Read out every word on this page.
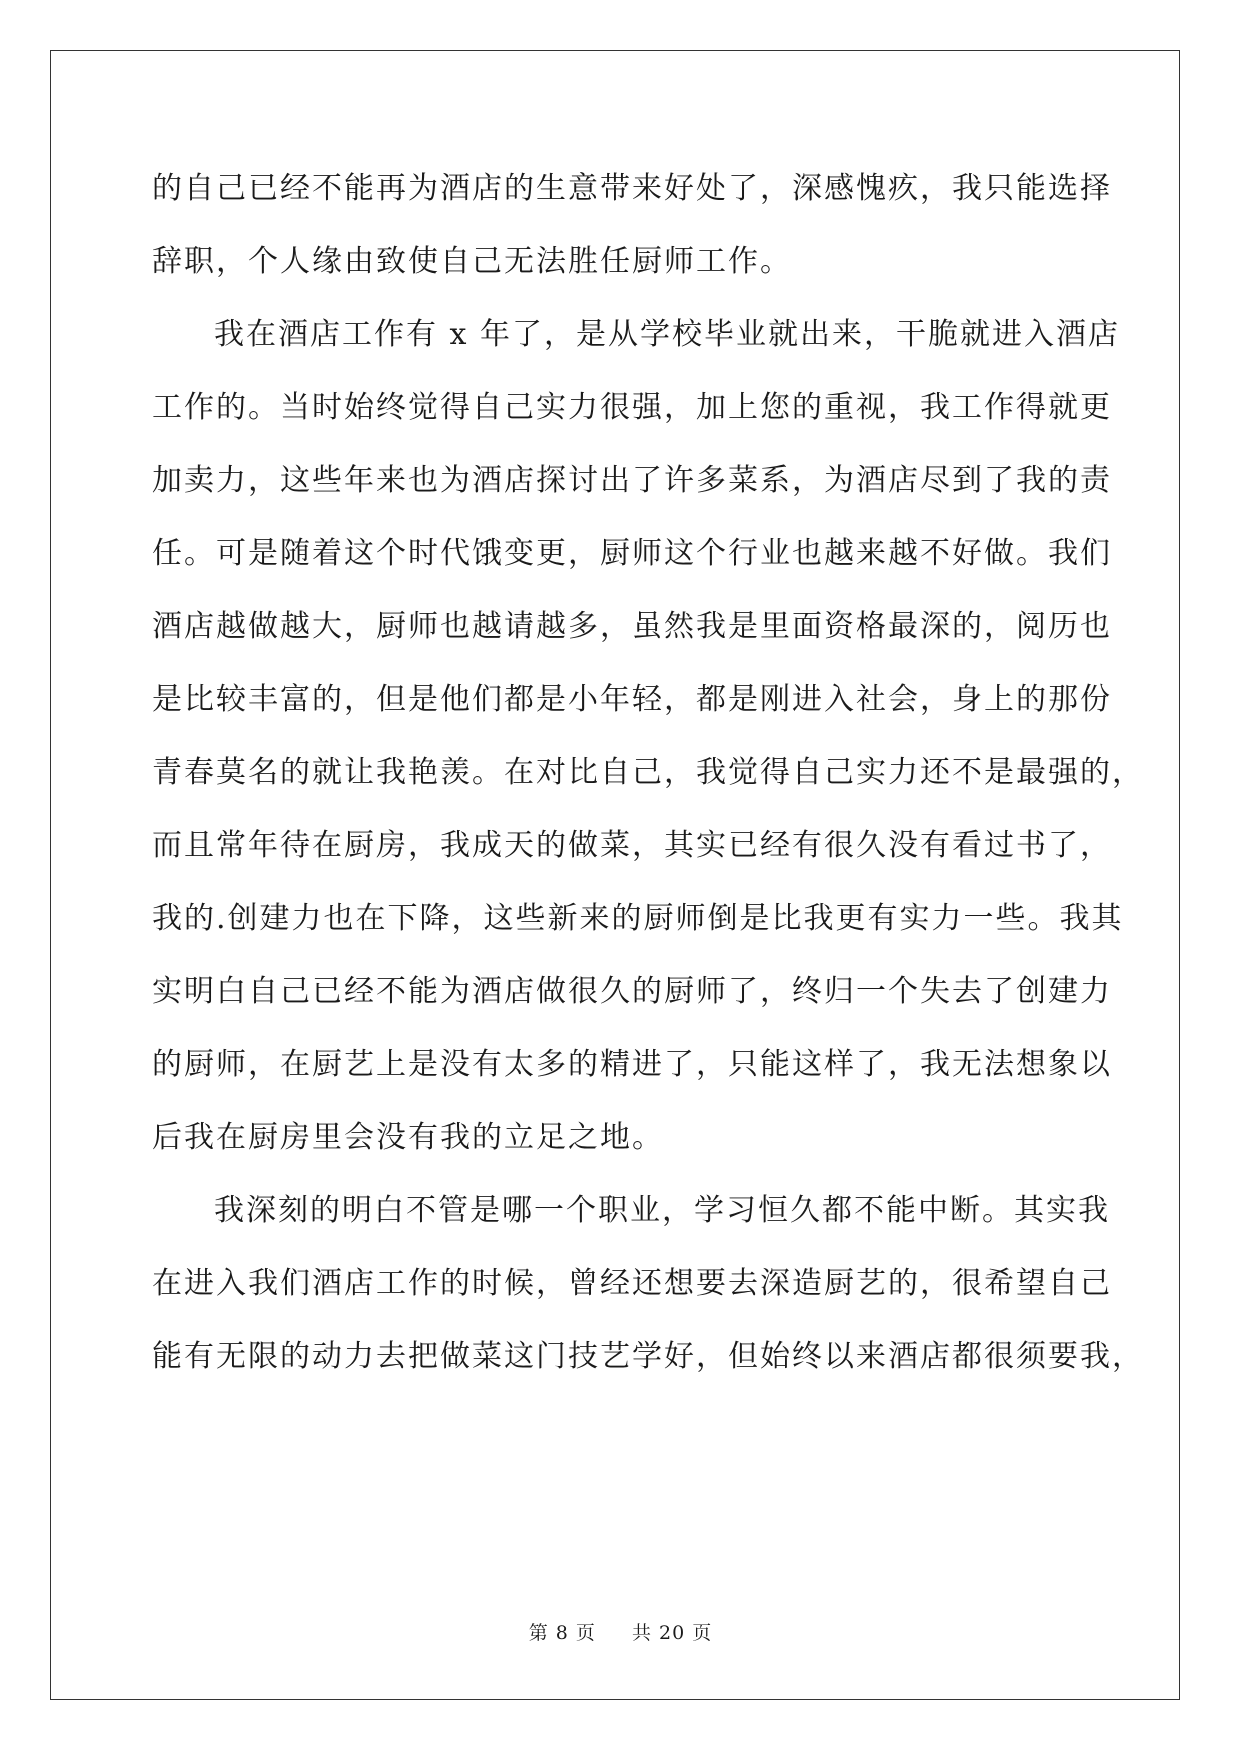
的自己已经不能再为酒店的生意带来好处了，深感愧疚，我只能选择
辞职，个人缘由致使自己无法胜任厨师工作。
我在酒店工作有 x 年了，是从学校毕业就出来，干脆就进入酒店
工作的。当时始终觉得自己实力很强，加上您的重视，我工作得就更
加卖力，这些年来也为酒店探讨出了许多菜系，为酒店尽到了我的责
任。可是随着这个时代饿变更，厨师这个行业也越来越不好做。我们
酒店越做越大，厨师也越请越多，虽然我是里面资格最深的，阅历也
是比较丰富的，但是他们都是小年轻，都是刚进入社会，身上的那份
青春莫名的就让我艳羡。在对比自己，我觉得自己实力还不是最强的，
而且常年待在厨房，我成天的做菜，其实已经有很久没有看过书了，
我的.创建力也在下降，这些新来的厨师倒是比我更有实力一些。我其
实明白自己已经不能为酒店做很久的厨师了，终归一个失去了创建力
的厨师，在厨艺上是没有太多的精进了，只能这样了，我无法想象以
后我在厨房里会没有我的立足之地。
我深刻的明白不管是哪一个职业，学习恒久都不能中断。其实我
在进入我们酒店工作的时候，曾经还想要去深造厨艺的，很希望自己
能有无限的动力去把做菜这门技艺学好，但始终以来酒店都很须要我，
第 8 页 共 20 页
